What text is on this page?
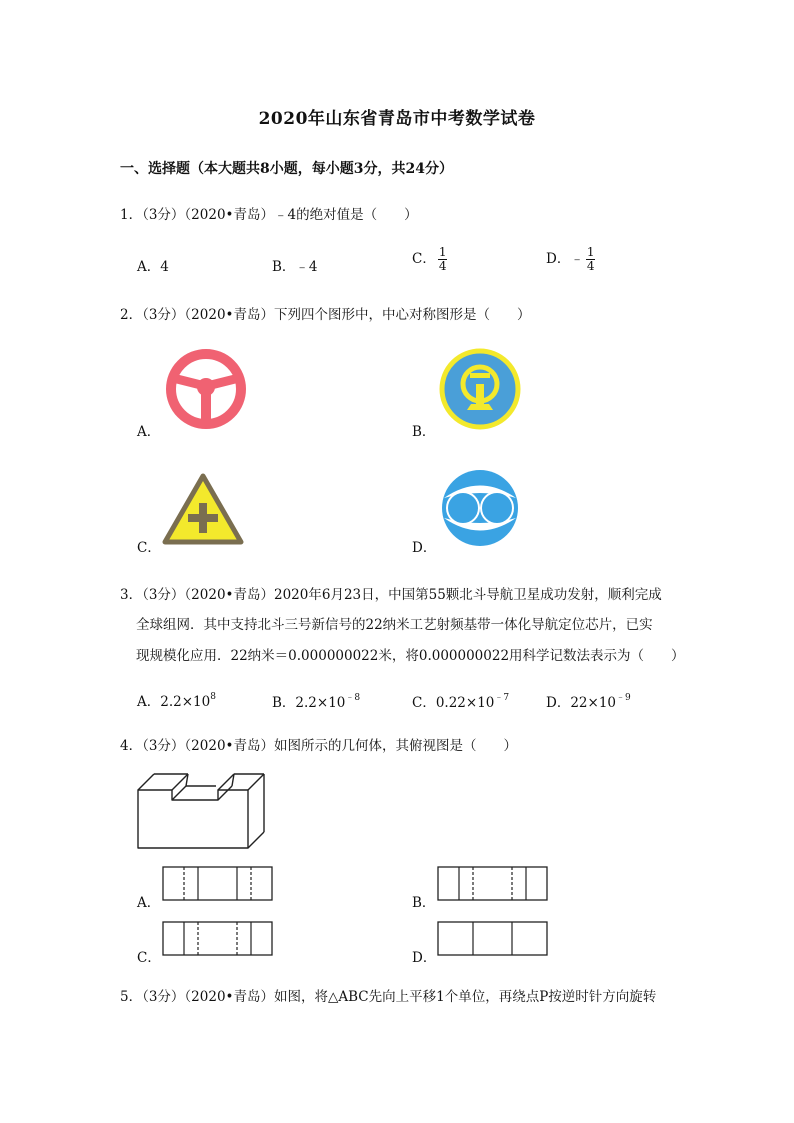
2020年山东省青岛市中考数学试卷
一、选择题（本大题共8小题，每小题3分，共24分）
1．（3分）（2020•青岛）﹣4的绝对值是（　　）
A．4	B．﹣4	C． $\frac{1}{4}$	D．﹣ $\frac{1}{4}$
2．（3分）（2020•青岛）下列四个图形中，中心对称图形是（　　）
A．	B．
C．	D．
3．（3分）（2020•青岛）2020年6月23日，中国第55颗北斗导航卫星成功发射，顺利完成
全球组网．其中支持北斗三号新信号的22纳米工艺射频基带一体化导航定位芯片，已实
现规模化应用．22纳米＝0.000000022米，将0.000000022用科学记数法表示为（　　）
A．$2.2\times 10^8$	B．$2.2\times 10^{﹣8}$	C．$0.22\times 10^{﹣7}$	D．$22\times 10^{﹣9}$
4．（3分）（2020•青岛）如图所示的几何体，其俯视图是（　　）
A．	B．
C．	D．
5．（3分）（2020•青岛）如图，将△ABC先向上平移1个单位，再绕点P按逆时针方向旋转
